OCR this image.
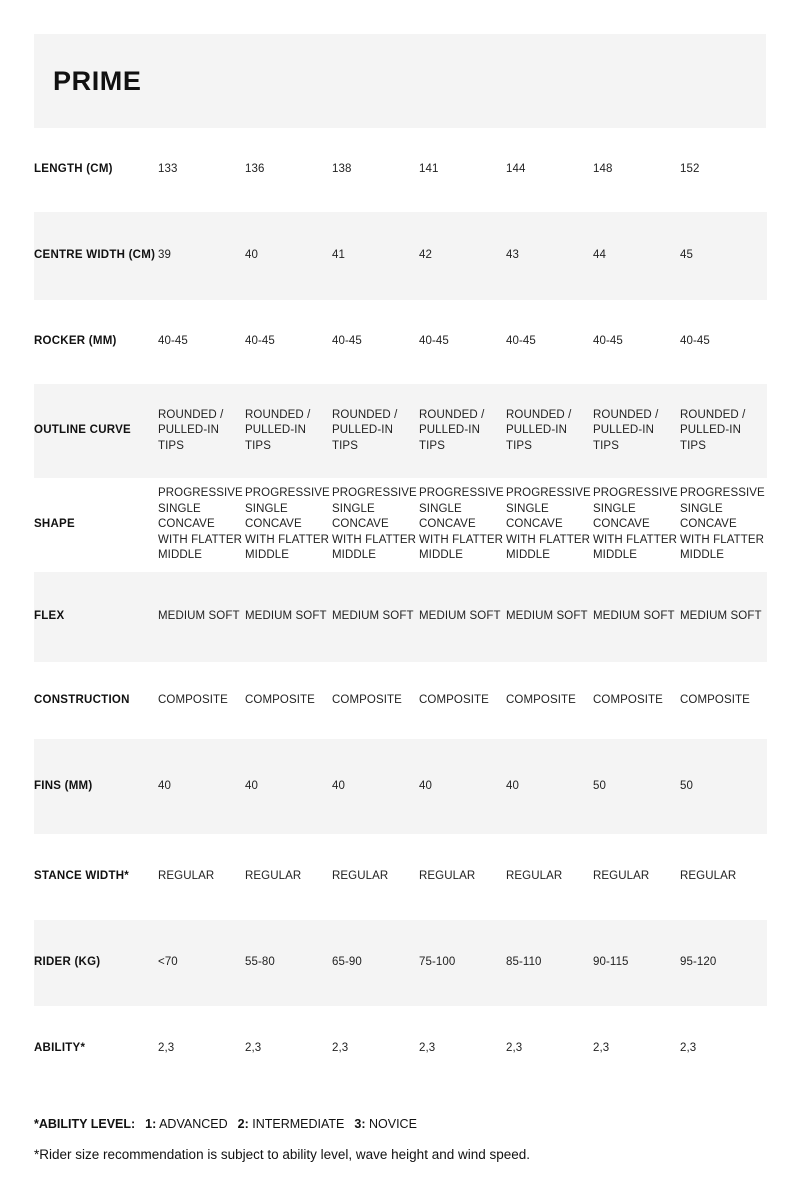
PRIME
LENGTH (CM)	133	136	138	141	144	148	152
CENTRE WIDTH (CM)	39	40	41	42	43	44	45
ROCKER (MM)	40-45	40-45	40-45	40-45	40-45	40-45	40-45
OUTLINE CURVE	ROUNDED / PULLED-IN TIPS	ROUNDED / PULLED-IN TIPS	ROUNDED / PULLED-IN TIPS	ROUNDED / PULLED-IN TIPS	ROUNDED / PULLED-IN TIPS	ROUNDED / PULLED-IN TIPS	ROUNDED / PULLED-IN TIPS
SHAPE	PROGRESSIVE SINGLE CONCAVE WITH FLATTER MIDDLE	PROGRESSIVE SINGLE CONCAVE WITH FLATTER MIDDLE	PROGRESSIVE SINGLE CONCAVE WITH FLATTER MIDDLE	PROGRESSIVE SINGLE CONCAVE WITH FLATTER MIDDLE	PROGRESSIVE SINGLE CONCAVE WITH FLATTER MIDDLE	PROGRESSIVE SINGLE CONCAVE WITH FLATTER MIDDLE	PROGRESSIVE SINGLE CONCAVE WITH FLATTER MIDDLE
FLEX	MEDIUM SOFT	MEDIUM SOFT	MEDIUM SOFT	MEDIUM SOFT	MEDIUM SOFT	MEDIUM SOFT	MEDIUM SOFT
CONSTRUCTION	COMPOSITE	COMPOSITE	COMPOSITE	COMPOSITE	COMPOSITE	COMPOSITE	COMPOSITE
FINS (MM)	40	40	40	40	40	50	50
STANCE WIDTH*	REGULAR	REGULAR	REGULAR	REGULAR	REGULAR	REGULAR	REGULAR
RIDER (KG)	<70	55-80	65-90	75-100	85-110	90-115	95-120
ABILITY*	2,3	2,3	2,3	2,3	2,3	2,3	2,3
*ABILITY LEVEL: 1: ADVANCED 2: INTERMEDIATE 3: NOVICE
*Rider size recommendation is subject to ability level, wave height and wind speed.
